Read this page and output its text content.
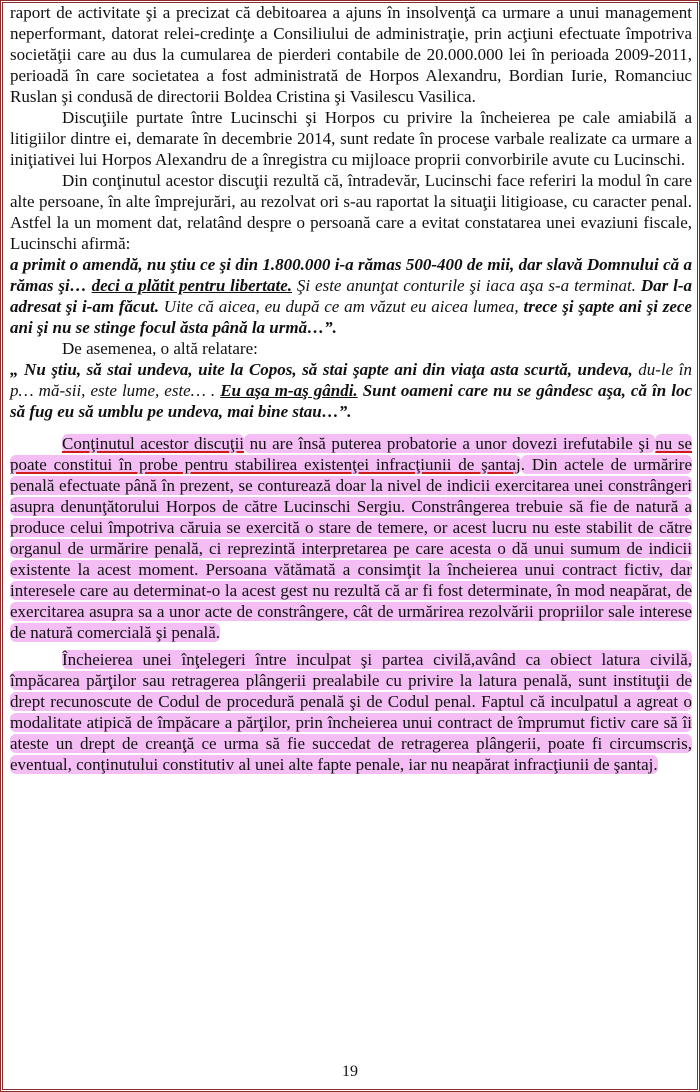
raport de activitate şi a precizat că debitoarea a ajuns în insolvenţă ca urmare a unui management neperformant, datorat relei-credinţe a Consiliului de administraţie, prin acţiuni efectuate împotriva societăţii care au dus la cumularea de pierderi contabile de 20.000.000 lei în perioada 2009-2011, perioadă în care societatea a fost administrată de Horpos Alexandru, Bordian Iurie, Romanciuc Ruslan şi condusă de directorii Boldea Cristina şi Vasilescu Vasilica.

Discuţiile purtate între Lucinschi şi Horpos cu privire la încheierea pe cale amiabilă a litigiilor dintre ei, demarate în decembrie 2014, sunt redate în procese varbale realizate ca urmare a iniţiativei lui Horpos Alexandru de a înregistra cu mijloace proprii convorbirile avute cu Lucinschi.

Din conţinutul acestor discuţii rezultă că, întradevăr, Lucinschi face referiri la modul în care alte persoane, în alte împrejurări, au rezolvat ori s-au raportat la situaţii litigioase, cu caracter penal. Astfel la un moment dat, relatând despre o persoană care a evitat constatarea unei evaziuni fiscale, Lucinschi afirmă:

a primit o amendă, nu ştiu ce şi din 1.800.000 i-a rămas 500-400 de mii, dar slavă Domnului că a rămas şi… deci a plătit pentru libertate. Şi este anunţat conturile şi iaca aşa s-a terminat. Dar l-a adresat şi i-am făcut. Uite că aicea, eu după ce am văzut eu aicea lumea, trece şi şapte ani şi zece ani şi nu se stinge focul ăsta până la urmă…”.

De asemenea, o altă relatare:

„ Nu ştiu, să stai undeva, uite la Copos, să stai şapte ani din viaţa asta scurtă, undeva, du-le în p… mă-sii, este lume, este… . Eu aşa m-aş gândi. Sunt oameni care nu se gândesc aşa, că în loc să fug eu să umblu pe undeva, mai bine stau…”.

Conţinutul acestor discuţii nu are însă puterea probatorie a unor dovezi irefutabile şi nu se poate constitui în probe pentru stabilirea existenţei infracţiunii de şantaj. Din actele de urmărire penală efectuate până în prezent, se conturează doar la nivel de indicii exercitarea unei constrângeri asupra denunţătorului Horpos de către Lucinschi Sergiu. Constrângerea trebuie să fie de natură a produce celui împotriva căruia se exercită o stare de temere, or acest lucru nu este stabilit de către organul de urmărire penală, ci reprezintă interpretarea pe care acesta o dă unui sumum de indicii existente la acest moment. Persoana vătămată a consimţit la încheierea unui contract fictiv, dar interesele care au determinat-o la acest gest nu rezultă că ar fi fost determinate, în mod neapărat, de exercitarea asupra sa a unor acte de constrângere, cât de urmărirea rezolvării propriilor sale interese de natură comercială şi penală.

Încheierea unei înţelegeri între inculpat şi partea civilă,având ca obiect latura civilă, împăcarea părţilor sau retragerea plângerii prealabile cu privire la latura penală, sunt instituţii de drept recunoscute de Codul de procedură penală şi de Codul penal. Faptul că inculpatul a agreat o modalitate atipică de împăcare a părţilor, prin încheierea unui contract de împrumut fictiv care să îi ateste un drept de creanţă ce urma să fie succedat de retragerea plângerii, poate fi circumscris, eventual, conţinutului constitutiv al unei alte fapte penale, iar nu neapărat infracţiunii de şantaj.

19
